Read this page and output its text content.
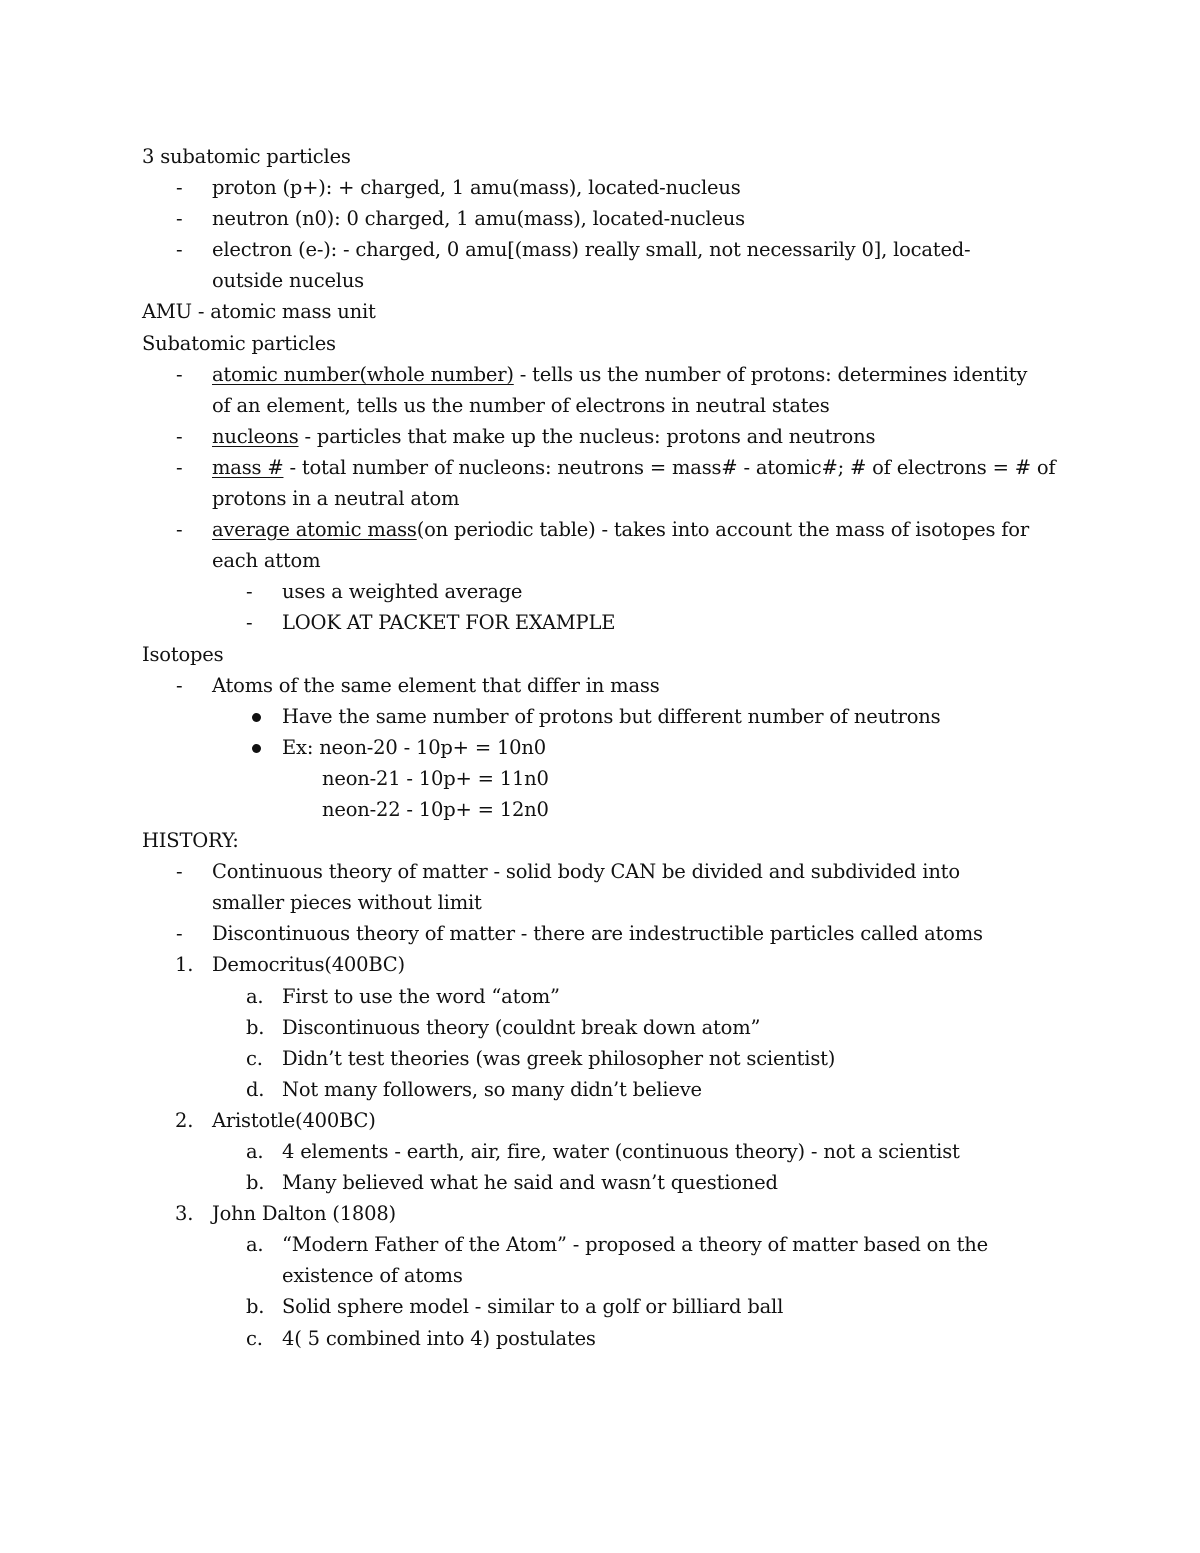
3 subatomic particles
- proton (p+): + charged, 1 amu(mass), located-nucleus
- neutron (n0): 0 charged, 1 amu(mass), located-nucleus
- electron (e-): - charged, 0 amu[(mass) really small, not necessarily 0], located-
outside nucelus
AMU - atomic mass unit
Subatomic particles
- atomic number(whole number) - tells us the number of protons: determines identity
of an element, tells us the number of electrons in neutral states
- nucleons - particles that make up the nucleus: protons and neutrons
- mass # - total number of nucleons: neutrons = mass# - atomic#; # of electrons = # of
protons in a neutral atom
- average atomic mass(on periodic table) - takes into account the mass of isotopes for
each attom
- uses a weighted average
- LOOK AT PACKET FOR EXAMPLE
Isotopes
- Atoms of the same element that differ in mass
Have the same number of protons but different number of neutrons
Ex: neon-20 - 10p+ = 10n0
neon-21 - 10p+ = 11n0
neon-22 - 10p+ = 12n0
HISTORY:
- Continuous theory of matter - solid body CAN be divided and subdivided into
smaller pieces without limit
- Discontinuous theory of matter - there are indestructible particles called atoms
1. Democritus(400BC)
a. First to use the word “atom”
b. Discontinuous theory (couldnt break down atom”
c. Didn’t test theories (was greek philosopher not scientist)
d. Not many followers, so many didn’t believe
2. Aristotle(400BC)
a. 4 elements - earth, air, fire, water (continuous theory) - not a scientist
b. Many believed what he said and wasn’t questioned
3. John Dalton (1808)
a. “Modern Father of the Atom” - proposed a theory of matter based on the
existence of atoms
b. Solid sphere model - similar to a golf or billiard ball
c. 4( 5 combined into 4) postulates
